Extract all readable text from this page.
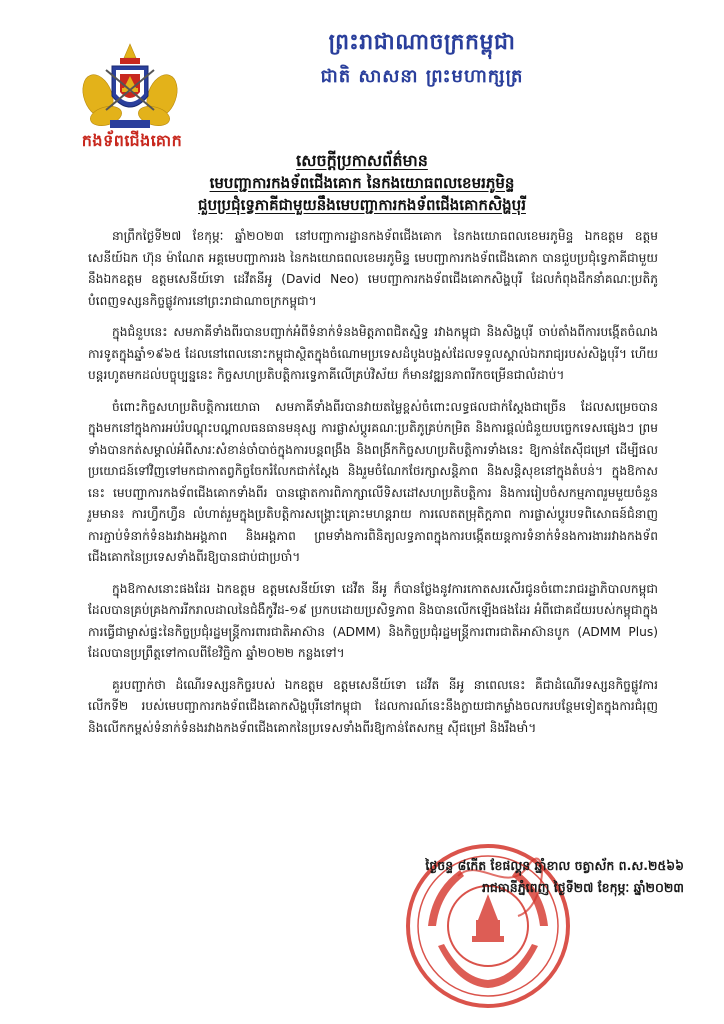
កងទ័ពជើងគោក
ព្រះរាជាណាចក្រកម្ពុជា
ជាតិ សាសនា ព្រះមហាក្សត្រ
សេចក្តីប្រកាសព័ត៌មាន
មេបញ្ជាការកងទ័ពជើងគោក នៃកងយោធពលខេមរភូមិន្ទ
ជួបប្រជុំទ្វេភាគីជាមួយនឹងមេបញ្ជាការកងទ័ពជើងគោកសិង្ហបុរី

នាព្រឹកថ្ងៃទី២៧ ខែកុម្ភៈ ឆ្នាំ២០២៣ នៅបញ្ជាការដ្ឋានកងទ័ពជើងគោក នៃកងយោធពលខេមរភូមិន្ទ ឯកឧត្តម ឧត្តមសេនីយ៍ឯក ហ៊ុន ម៉ាណែត អគ្គមេបញ្ជាការរង នៃកងយោធពលខេមរភូមិន្ទ មេបញ្ជាការកងទ័ពជើងគោក បានជួបប្រជុំទ្វេភាគីជាមួយនឹងឯកឧត្តម ឧត្តមសេនីយ៍ទោ ដេវីតនីអូ (David Neo) មេបញ្ជាការកងទ័ពជើងគោកសិង្ហបុរី ដែលកំពុងដឹកនាំគណៈប្រតិភូបំពេញទស្សនកិច្ចផ្លូវការនៅព្រះរាជាណាចក្រកម្ពុជា។

ក្នុងជំនួបនេះ សមភាគីទាំងពីរបានបញ្ជាក់អំពីទំនាក់ទំនងមិត្តភាពជិតស្និទ្ធ រវាងកម្ពុជា និងសិង្ហបុរី ចាប់តាំងពីការបង្កើតចំណងការទូតក្នុងឆ្នាំ១៩៦៥ ដែលនៅពេលនោះកម្ពុជាស្ថិតក្នុងចំណោមប្រទេសដំបូងបង្អស់ដែលទទួលស្គាល់ឯករាជ្យរបស់សិង្ហបុរី។ ហើយបន្តរហូតមកដល់បច្ចុប្បន្ននេះ កិច្ចសហប្រតិបត្តិការទ្វេភាគីលើគ្រប់វិស័យ ក៏មានវឌ្ឍនភាពរីកចម្រើនជាលំដាប់។

ចំពោះកិច្ចសហប្រតិបត្តិការយោធា សមភាគីទាំងពីរបានវាយតម្លៃខ្ពស់ចំពោះលទ្ធផលជាក់ស្តែងជាច្រើន ដែលសម្រេចបានក្នុងមកនៅក្នុងការអប់រំបណ្តុះបណ្តាលធនធានមនុស្ស ការផ្លាស់ប្តូរគណៈប្រតិភូគ្រប់កម្រិត និងការផ្តល់ជំនួយបច្ចេកទេសផ្សេងៗ ព្រមទាំងបានកត់សម្គាល់អំពីសារៈសំខាន់ចាំបាច់ក្នុងការបន្តពង្រឹង និងពង្រីកកិច្ចសហប្រតិបត្តិការទាំងនេះ ឱ្យកាន់តែស៊ីជម្រៅ ដើម្បីផលប្រយោជន៍ទៅវិញទៅមកជាកាតព្វកិច្ចចែករំលែកជាក់ស្តែង និងរួមចំណែកថែរក្សាសន្តិភាព និងសន្តិសុខនៅក្នុងតំបន់។ ក្នុងឱកាសនេះ មេបញ្ជាការកងទ័ពជើងគោកទាំងពីរ បានផ្តោតការពិភាក្សាលើទិសដៅសហប្រតិបត្តិការ និងការរៀបចំសកម្មភាពរួមមួយចំនួន រួមមាន៖ ការហ្វឹកហ្វឺន លំហាត់រួមក្នុងប្រតិបត្តិការសង្គ្រោះគ្រោះមហន្តរាយ ការលេតតម្រុតិក្តភាព ការផ្លាស់ប្តូរបទពិសោធន៍ជំនាញ ការភ្ជាប់ទំនាក់ទំនងរវាងអង្គភាព និងអង្គភាព ព្រមទាំងការពិនិត្យលទ្ធភាពក្នុងការបង្កើតយន្តការទំនាក់ទំនងការងាររវាងកងទ័ពជើងគោកនៃប្រទេសទាំងពីរឱ្យបានជាប់ជាប្រចាំ។

ក្នុងឱកាសនោះផងដែរ ឯកឧត្តម ឧត្តមសេនីយ៍ទោ ដេវីត នីអូ ក៏បានថ្លែងនូវការកោតសរសើរជូនចំពោះរាជរដ្ឋាភិបាលកម្ពុជា ដែលបានគ្រប់គ្រងការរីករាលដាលនៃជំងឺកូវីដ-១៩ ប្រកបដោយប្រសិទ្ធភាព និងបានលើកឡើងផងដែរ អំពីជោគជ័យរបស់កម្ពុជាក្នុងការធ្វើជាម្ចាស់ផ្ទះនៃកិច្ចប្រជុំរដ្ឋមន្ត្រីការពារជាតិអាស៊ាន (ADMM) និងកិច្ចប្រជុំរដ្ឋមន្ត្រីការពារជាតិអាស៊ានបូក (ADMM Plus) ដែលបានប្រព្រឹត្តទៅកាលពីខែវិច្ឆិកា ឆ្នាំ២០២២ កន្លងទៅ។

គួរបញ្ជាក់ថា ដំណើរទស្សនកិច្ចរបស់ ឯកឧត្តម ឧត្តមសេនីយ៍ទោ ដេវីត នីអូ នាពេលនេះ គឺជាដំណើរទស្សនកិច្ចផ្លូវការលើកទី២ របស់មេបញ្ជាការកងទ័ពជើងគោកសិង្ហបុរីនៅកម្ពុជា ដែលការណ៍នេះនឹងក្លាយជាកម្លាំងចលករបន្ថែមទៀតក្នុងការជំរុញ និងលើកកម្ពស់ទំនាក់ទំនងរវាងកងទ័ពជើងគោកនៃប្រទេសទាំងពីរឱ្យកាន់តែសកម្ម ស៊ីជម្រៅ និងរឹងមាំ។

ថ្ងៃចន្ទ ៨កើត ខែផល្គុន ឆ្នាំខាល ចត្វាស័ក ព.ស.២៥៦៦
រាជធានីភ្នំពេញ ថ្ងៃទី២៧ ខែកុម្ភៈ ឆ្នាំ២០២៣
